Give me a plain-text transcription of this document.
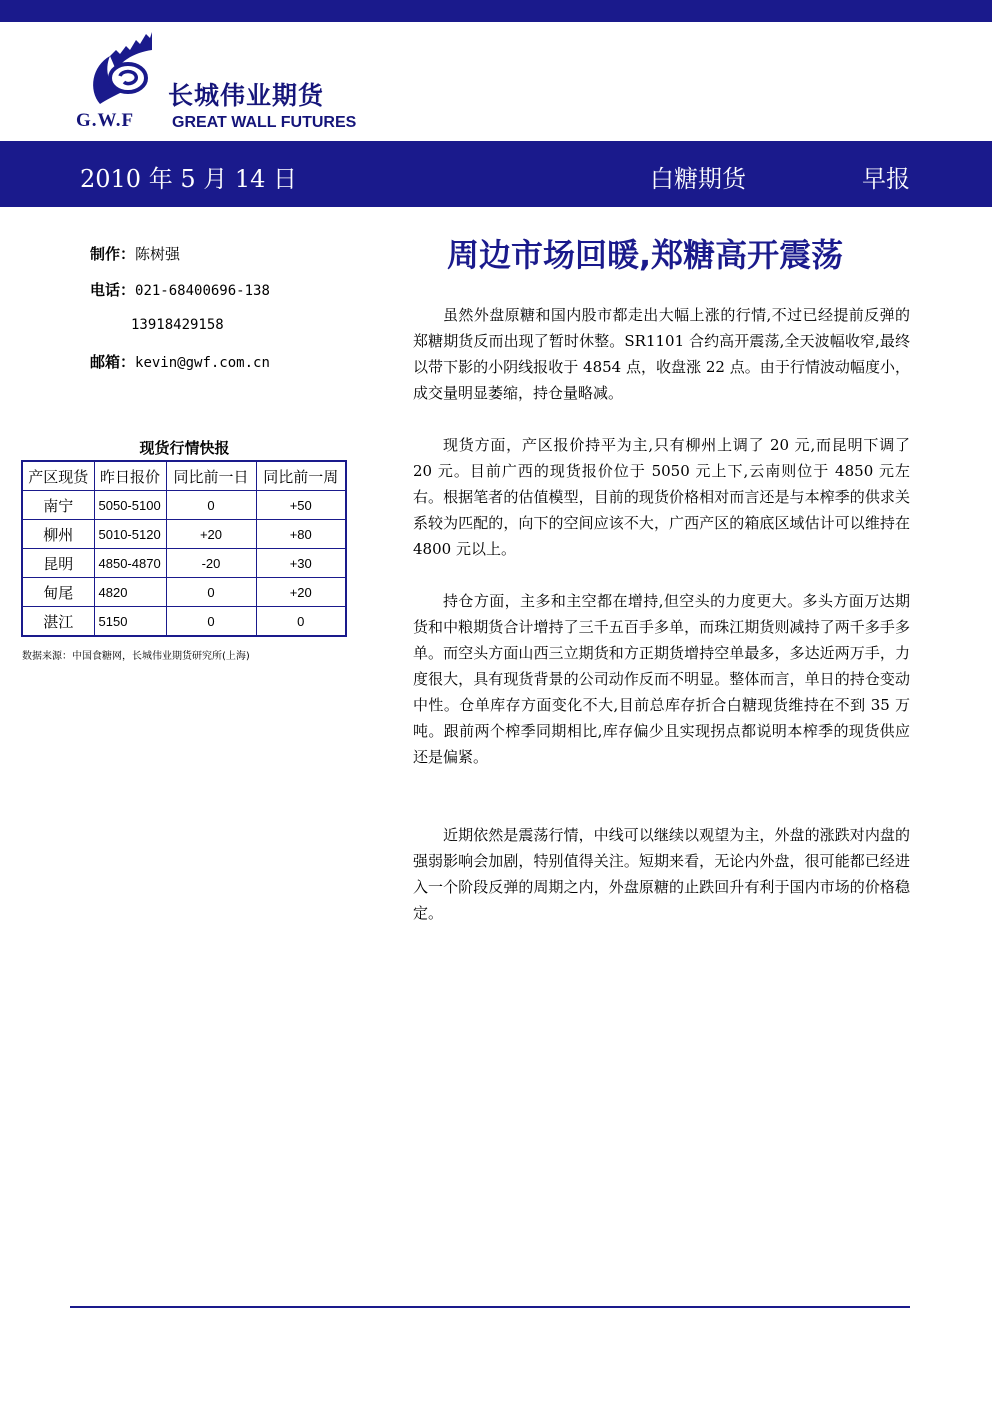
长城伟业期货
G.W.F GREAT WALL FUTURES
2010 年 5 月 14 日	白糖期货	早报
制作：陈树强
电话：021-68400696-138
13918429158
邮箱：kevin@gwf.com.cn
现货行情快报
产区现货	昨日报价	同比前一日	同比前一周
南宁	5050-5100	0	+50
柳州	5010-5120	+20	+80
昆明	4850-4870	-20	+30
甸尾	4820	0	+20
湛江	5150	0	0
数据来源：中国食糖网，长城伟业期货研究所(上海)
周边市场回暖,郑糖高开震荡

虽然外盘原糖和国内股市都走出大幅上涨的行情,不过已经提前反弹的郑糖期货反而出现了暂时休整。SR1101 合约高开震荡,全天波幅收窄,最终以带下影的小阴线报收于 4854 点，收盘涨 22 点。由于行情波动幅度小，成交量明显萎缩，持仓量略减。

现货方面，产区报价持平为主,只有柳州上调了 20 元,而昆明下调了 20 元。目前广西的现货报价位于 5050 元上下,云南则位于 4850 元左右。根据笔者的估值模型，目前的现货价格相对而言还是与本榨季的供求关系较为匹配的，向下的空间应该不大，广西产区的箱底区域估计可以维持在 4800 元以上。

持仓方面，主多和主空都在增持,但空头的力度更大。多头方面万达期货和中粮期货合计增持了三千五百手多单，而珠江期货则减持了两千多手多单。而空头方面山西三立期货和方正期货增持空单最多，多达近两万手，力度很大，具有现货背景的公司动作反而不明显。整体而言，单日的持仓变动中性。仓单库存方面变化不大,目前总库存折合白糖现货维持在不到 35 万吨。跟前两个榨季同期相比,库存偏少且实现拐点都说明本榨季的现货供应还是偏紧。

近期依然是震荡行情，中线可以继续以观望为主，外盘的涨跌对内盘的强弱影响会加剧，特别值得关注。短期来看，无论内外盘，很可能都已经进入一个阶段反弹的周期之内，外盘原糖的止跌回升有利于国内市场的价格稳定。
